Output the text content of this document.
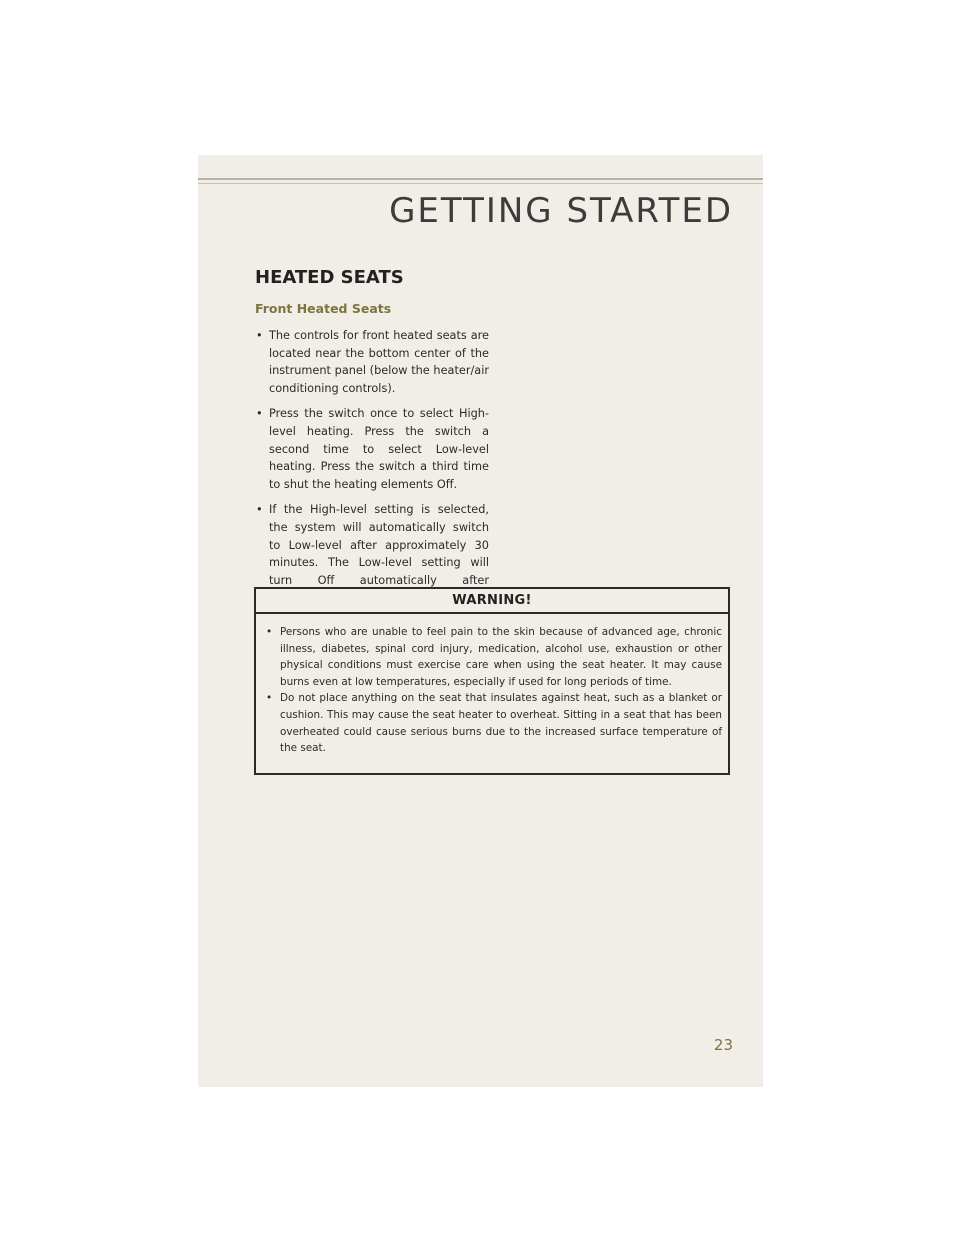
GETTING STARTED
HEATED SEATS
Front Heated Seats
• The controls for front heated seats are located near the bottom center of the instrument panel (below the heater/air conditioning controls).
• Press the switch once to select High-level heating. Press the switch a second time to select Low-level heating. Press the switch a third time to shut the heating elements Off.
• If the High-level setting is selected, the system will automatically switch to Low-level after approximately 30 minutes. The Low-level setting will turn Off automatically after
WARNING!
• Persons who are unable to feel pain to the skin because of advanced age, chronic illness, diabetes, spinal cord injury, medication, alcohol use, exhaustion or other physical conditions must exercise care when using the seat heater. It may cause burns even at low temperatures, especially if used for long periods of time.
• Do not place anything on the seat that insulates against heat, such as a blanket or cushion. This may cause the seat heater to overheat. Sitting in a seat that has been overheated could cause serious burns due to the increased surface temperature of the seat.
23
